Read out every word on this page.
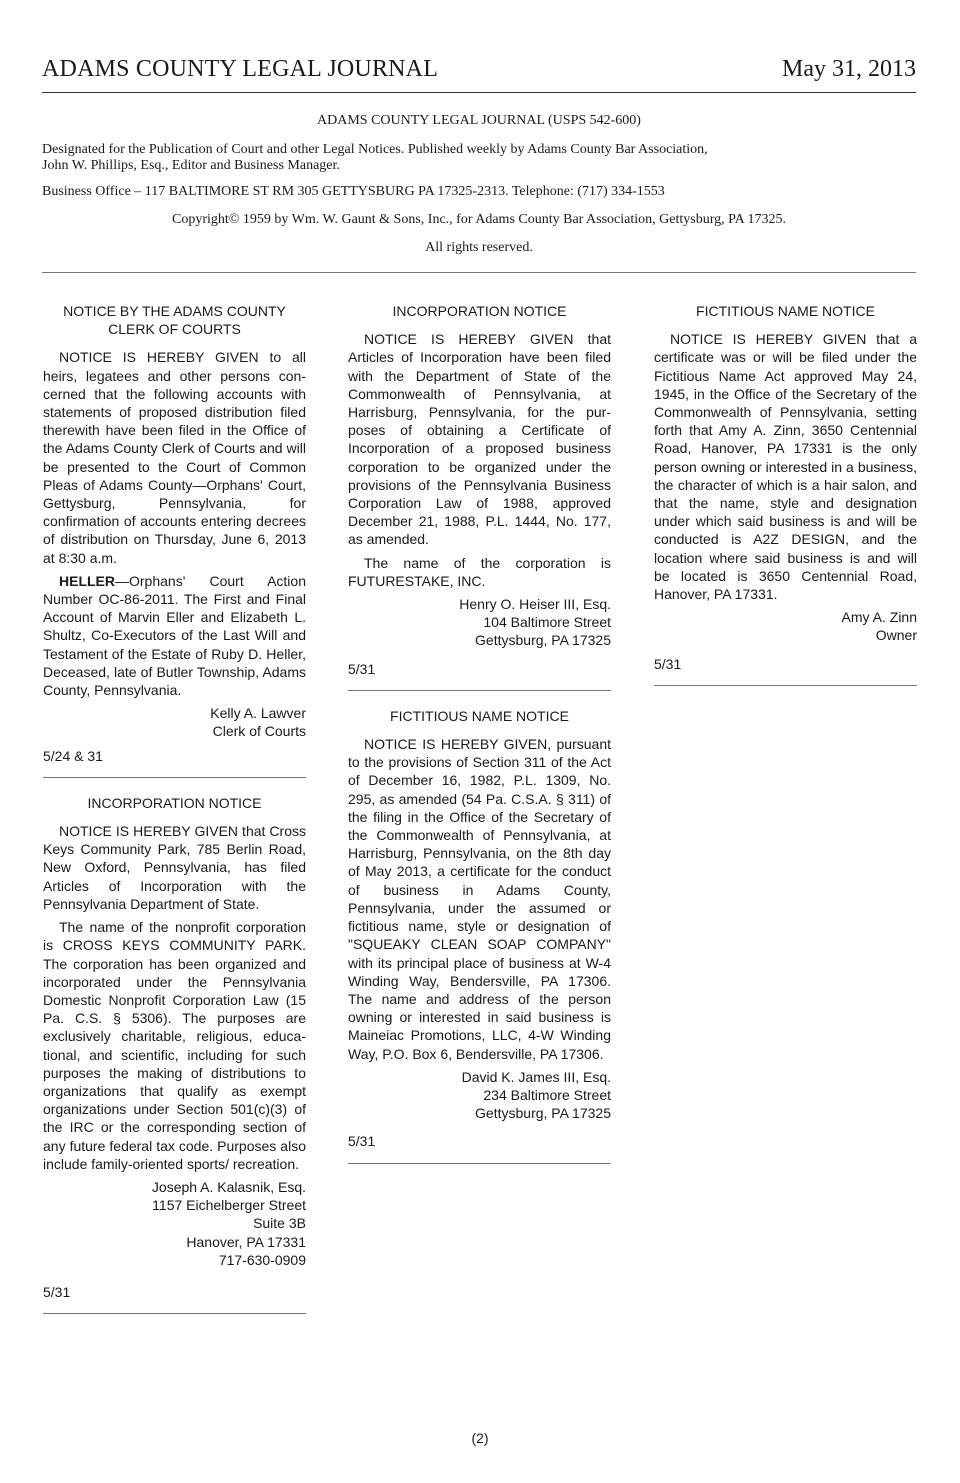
ADAMS COUNTY LEGAL JOURNAL	May 31, 2013

ADAMS COUNTY LEGAL JOURNAL (USPS 542-600)

Designated for the Publication of Court and other Legal Notices. Published weekly by Adams County Bar Association,

John W. Phillips, Esq., Editor and Business Manager.

Business Office – 117 BALTIMORE ST RM 305 GETTYSBURG PA 17325-2313. Telephone: (717) 334-1553

Copyright© 1959 by Wm. W. Gaunt & Sons, Inc., for Adams County Bar Association, Gettysburg, PA 17325.

All rights reserved.

NOTICE BY THE ADAMS COUNTY
CLERK OF COURTS

NOTICE IS HEREBY GIVEN to all heirs, legatees and other persons concerned that the following accounts with statements of proposed distribution filed therewith have been filed in the Office of the Adams County Clerk of Courts and will be presented to the Court of Common Pleas of Adams County—Orphans' Court, Gettysburg, Pennsylvania, for confirmation of accounts entering decrees of distribution on Thursday, June 6, 2013 at 8:30 a.m.

HELLER—Orphans' Court Action Number OC-86-2011. The First and Final Account of Marvin Eller and Elizabeth L. Shultz, Co-Executors of the Last Will and Testament of the Estate of Ruby D. Heller, Deceased, late of Butler Township, Adams County, Pennsylvania.

Kelly A. Lawver
Clerk of Courts

5/24 & 31

INCORPORATION NOTICE

NOTICE IS HEREBY GIVEN that Cross Keys Community Park, 785 Berlin Road, New Oxford, Pennsylvania, has filed Articles of Incorporation with the Pennsylvania Department of State.

The name of the nonprofit corporation is CROSS KEYS COMMUNITY PARK. The corporation has been organized and incorporated under the Pennsylvania Domestic Nonprofit Corporation Law (15 Pa. C.S. § 5306). The purposes are exclusively charitable, religious, educational, and scientific, including for such purposes the making of distributions to organizations that qualify as exempt organizations under Section 501(c)(3) of the IRC or the corresponding section of any future federal tax code. Purposes also include family-oriented sports/ recreation.

Joseph A. Kalasnik, Esq.
1157 Eichelberger Street
Suite 3B
Hanover, PA 17331
717-630-0909

5/31

INCORPORATION NOTICE

NOTICE IS HEREBY GIVEN that Articles of Incorporation have been filed with the Department of State of the Commonwealth of Pennsylvania, at Harrisburg, Pennsylvania, for the purposes of obtaining a Certificate of Incorporation of a proposed business corporation to be organized under the provisions of the Pennsylvania Business Corporation Law of 1988, approved December 21, 1988, P.L. 1444, No. 177, as amended.

The name of the corporation is FUTURESTAKE, INC.

Henry O. Heiser III, Esq.
104 Baltimore Street
Gettysburg, PA 17325

5/31

FICTITIOUS NAME NOTICE

NOTICE IS HEREBY GIVEN, pursuant to the provisions of Section 311 of the Act of December 16, 1982, P.L. 1309, No. 295, as amended (54 Pa. C.S.A. § 311) of the filing in the Office of the Secretary of the Commonwealth of Pennsylvania, at Harrisburg, Pennsylvania, on the 8th day of May 2013, a certificate for the conduct of business in Adams County, Pennsylvania, under the assumed or fictitious name, style or designation of "SQUEAKY CLEAN SOAP COMPANY" with its principal place of business at W-4 Winding Way, Bendersville, PA 17306. The name and address of the person owning or interested in said business is Maineiac Promotions, LLC, 4-W Winding Way, P.O. Box 6, Bendersville, PA 17306.

David K. James III, Esq.
234 Baltimore Street
Gettysburg, PA 17325

5/31

FICTITIOUS NAME NOTICE

NOTICE IS HEREBY GIVEN that a certificate was or will be filed under the Fictitious Name Act approved May 24, 1945, in the Office of the Secretary of the Commonwealth of Pennsylvania, setting forth that Amy A. Zinn, 3650 Centennial Road, Hanover, PA 17331 is the only person owning or interested in a business, the character of which is a hair salon, and that the name, style and designation under which said business is and will be conducted is A2Z DESIGN, and the location where said business is and will be located is 3650 Centennial Road, Hanover, PA 17331.

Amy A. Zinn
Owner

5/31

(2)
